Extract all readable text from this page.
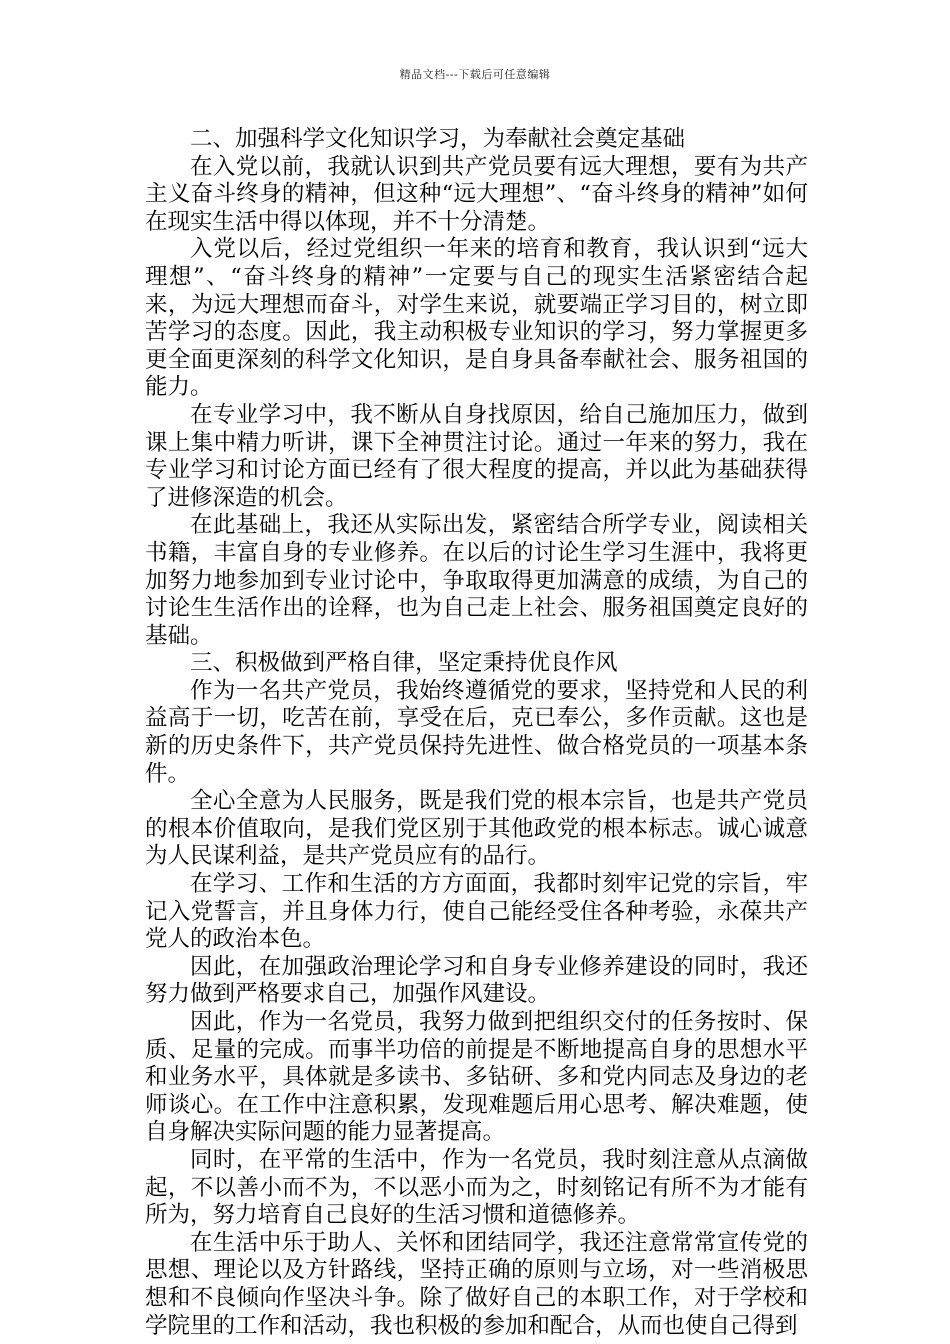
精品文档---下载后可任意编辑

二、加强科学文化知识学习，为奉献社会奠定基础

在入党以前，我就认识到共产党员要有远大理想，要有为共产主义奋斗终身的精神，但这种“远大理想”、“奋斗终身的精神”如何在现实生活中得以体现，并不十分清楚。

入党以后，经过党组织一年来的培育和教育，我认识到“远大理想”、“奋斗终身的精神”一定要与自己的现实生活紧密结合起来，为远大理想而奋斗，对学生来说，就要端正学习目的，树立即苦学习的态度。因此，我主动积极专业知识的学习，努力掌握更多更全面更深刻的科学文化知识，是自身具备奉献社会、服务祖国的能力。

在专业学习中，我不断从自身找原因，给自己施加压力，做到课上集中精力听讲，课下全神贯注讨论。通过一年来的努力，我在专业学习和讨论方面已经有了很大程度的提高，并以此为基础获得了进修深造的机会。

在此基础上，我还从实际出发，紧密结合所学专业，阅读相关书籍，丰富自身的专业修养。在以后的讨论生学习生涯中，我将更加努力地参加到专业讨论中，争取取得更加满意的成绩，为自己的讨论生生活作出的诠释，也为自己走上社会、服务祖国奠定良好的基础。

三、积极做到严格自律，坚定秉持优良作风

作为一名共产党员，我始终遵循党的要求，坚持党和人民的利益高于一切，吃苦在前，享受在后，克已奉公，多作贡献。这也是新的历史条件下，共产党员保持先进性、做合格党员的一项基本条件。

全心全意为人民服务，既是我们党的根本宗旨，也是共产党员的根本价值取向，是我们党区别于其他政党的根本标志。诚心诚意为人民谋利益，是共产党员应有的品行。

在学习、工作和生活的方方面面，我都时刻牢记党的宗旨，牢记入党誓言，并且身体力行，使自己能经受住各种考验，永葆共产党人的政治本色。

因此，在加强政治理论学习和自身专业修养建设的同时，我还努力做到严格要求自己，加强作风建设。

因此，作为一名党员，我努力做到把组织交付的任务按时、保质、足量的完成。而事半功倍的前提是不断地提高自身的思想水平和业务水平，具体就是多读书、多钻研、多和党内同志及身边的老师谈心。在工作中注意积累，发现难题后用心思考、解决难题，使自身解决实际问题的能力显著提高。

同时，在平常的生活中，作为一名党员，我时刻注意从点滴做起，不以善小而不为，不以恶小而为之，时刻铭记有所不为才能有所为，努力培育自己良好的生活习惯和道德修养。

在生活中乐于助人、关怀和团结同学，我还注意常常宣传党的思想、理论以及方针路线，坚持正确的原则与立场，对一些消极思想和不良倾向作坚决斗争。除了做好自己的本职工作，对于学校和学院里的工作和活动，我也积极的参加和配合，从而也使自己得到
